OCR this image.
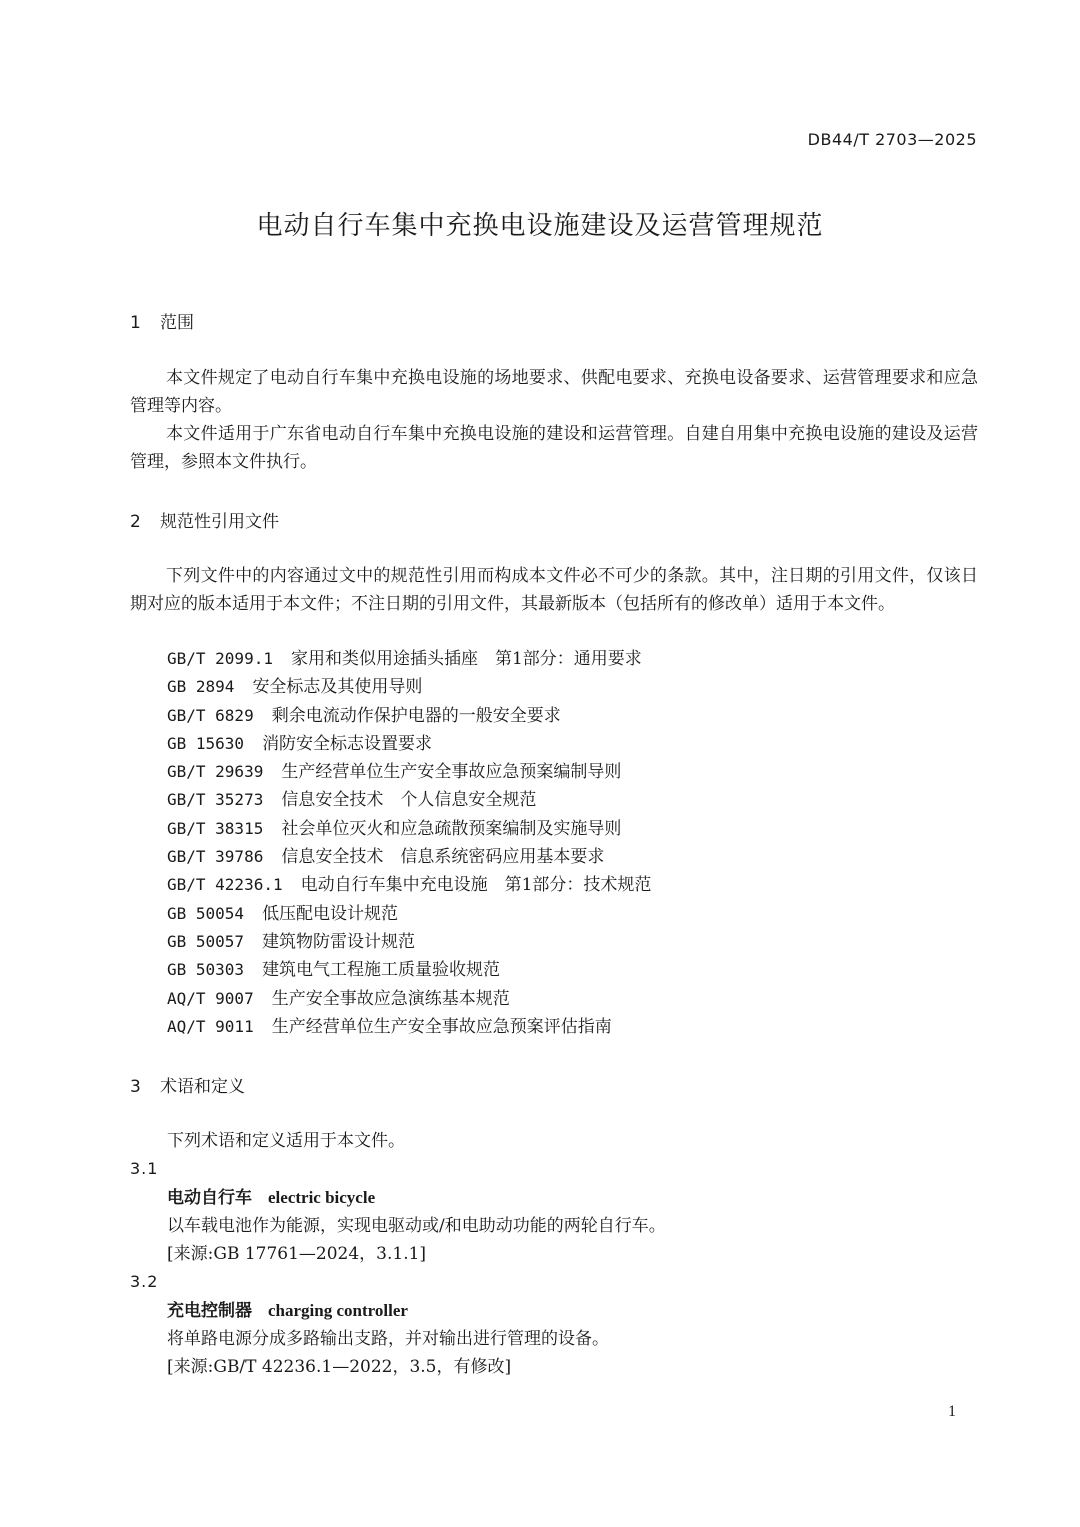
DB44/T 2703—2025
电动自行车集中充换电设施建设及运营管理规范
1 范围
本文件规定了电动自行车集中充换电设施的场地要求、供配电要求、充换电设备要求、运营管理要求和应急管理等内容。
本文件适用于广东省电动自行车集中充换电设施的建设和运营管理。自建自用集中充换电设施的建设及运营管理，参照本文件执行。
2 规范性引用文件
下列文件中的内容通过文中的规范性引用而构成本文件必不可少的条款。其中，注日期的引用文件，仅该日期对应的版本适用于本文件；不注日期的引用文件，其最新版本（包括所有的修改单）适用于本文件。
GB/T 2099.1 家用和类似用途插头插座　第1部分：通用要求
GB 2894 安全标志及其使用导则
GB/T 6829 剩余电流动作保护电器的一般安全要求
GB 15630 消防安全标志设置要求
GB/T 29639 生产经营单位生产安全事故应急预案编制导则
GB/T 35273 信息安全技术　个人信息安全规范
GB/T 38315 社会单位灭火和应急疏散预案编制及实施导则
GB/T 39786 信息安全技术　信息系统密码应用基本要求
GB/T 42236.1 电动自行车集中充电设施　第1部分：技术规范
GB 50054 低压配电设计规范
GB 50057 建筑物防雷设计规范
GB 50303 建筑电气工程施工质量验收规范
AQ/T 9007 生产安全事故应急演练基本规范
AQ/T 9011 生产经营单位生产安全事故应急预案评估指南
3 术语和定义
下列术语和定义适用于本文件。
3.1
电动自行车 electric bicycle
以车载电池作为能源，实现电驱动或/和电助动功能的两轮自行车。
[来源:GB 17761—2024，3.1.1]
3.2
充电控制器 charging controller
将单路电源分成多路输出支路，并对输出进行管理的设备。
[来源:GB/T 42236.1—2022，3.5，有修改]
1
